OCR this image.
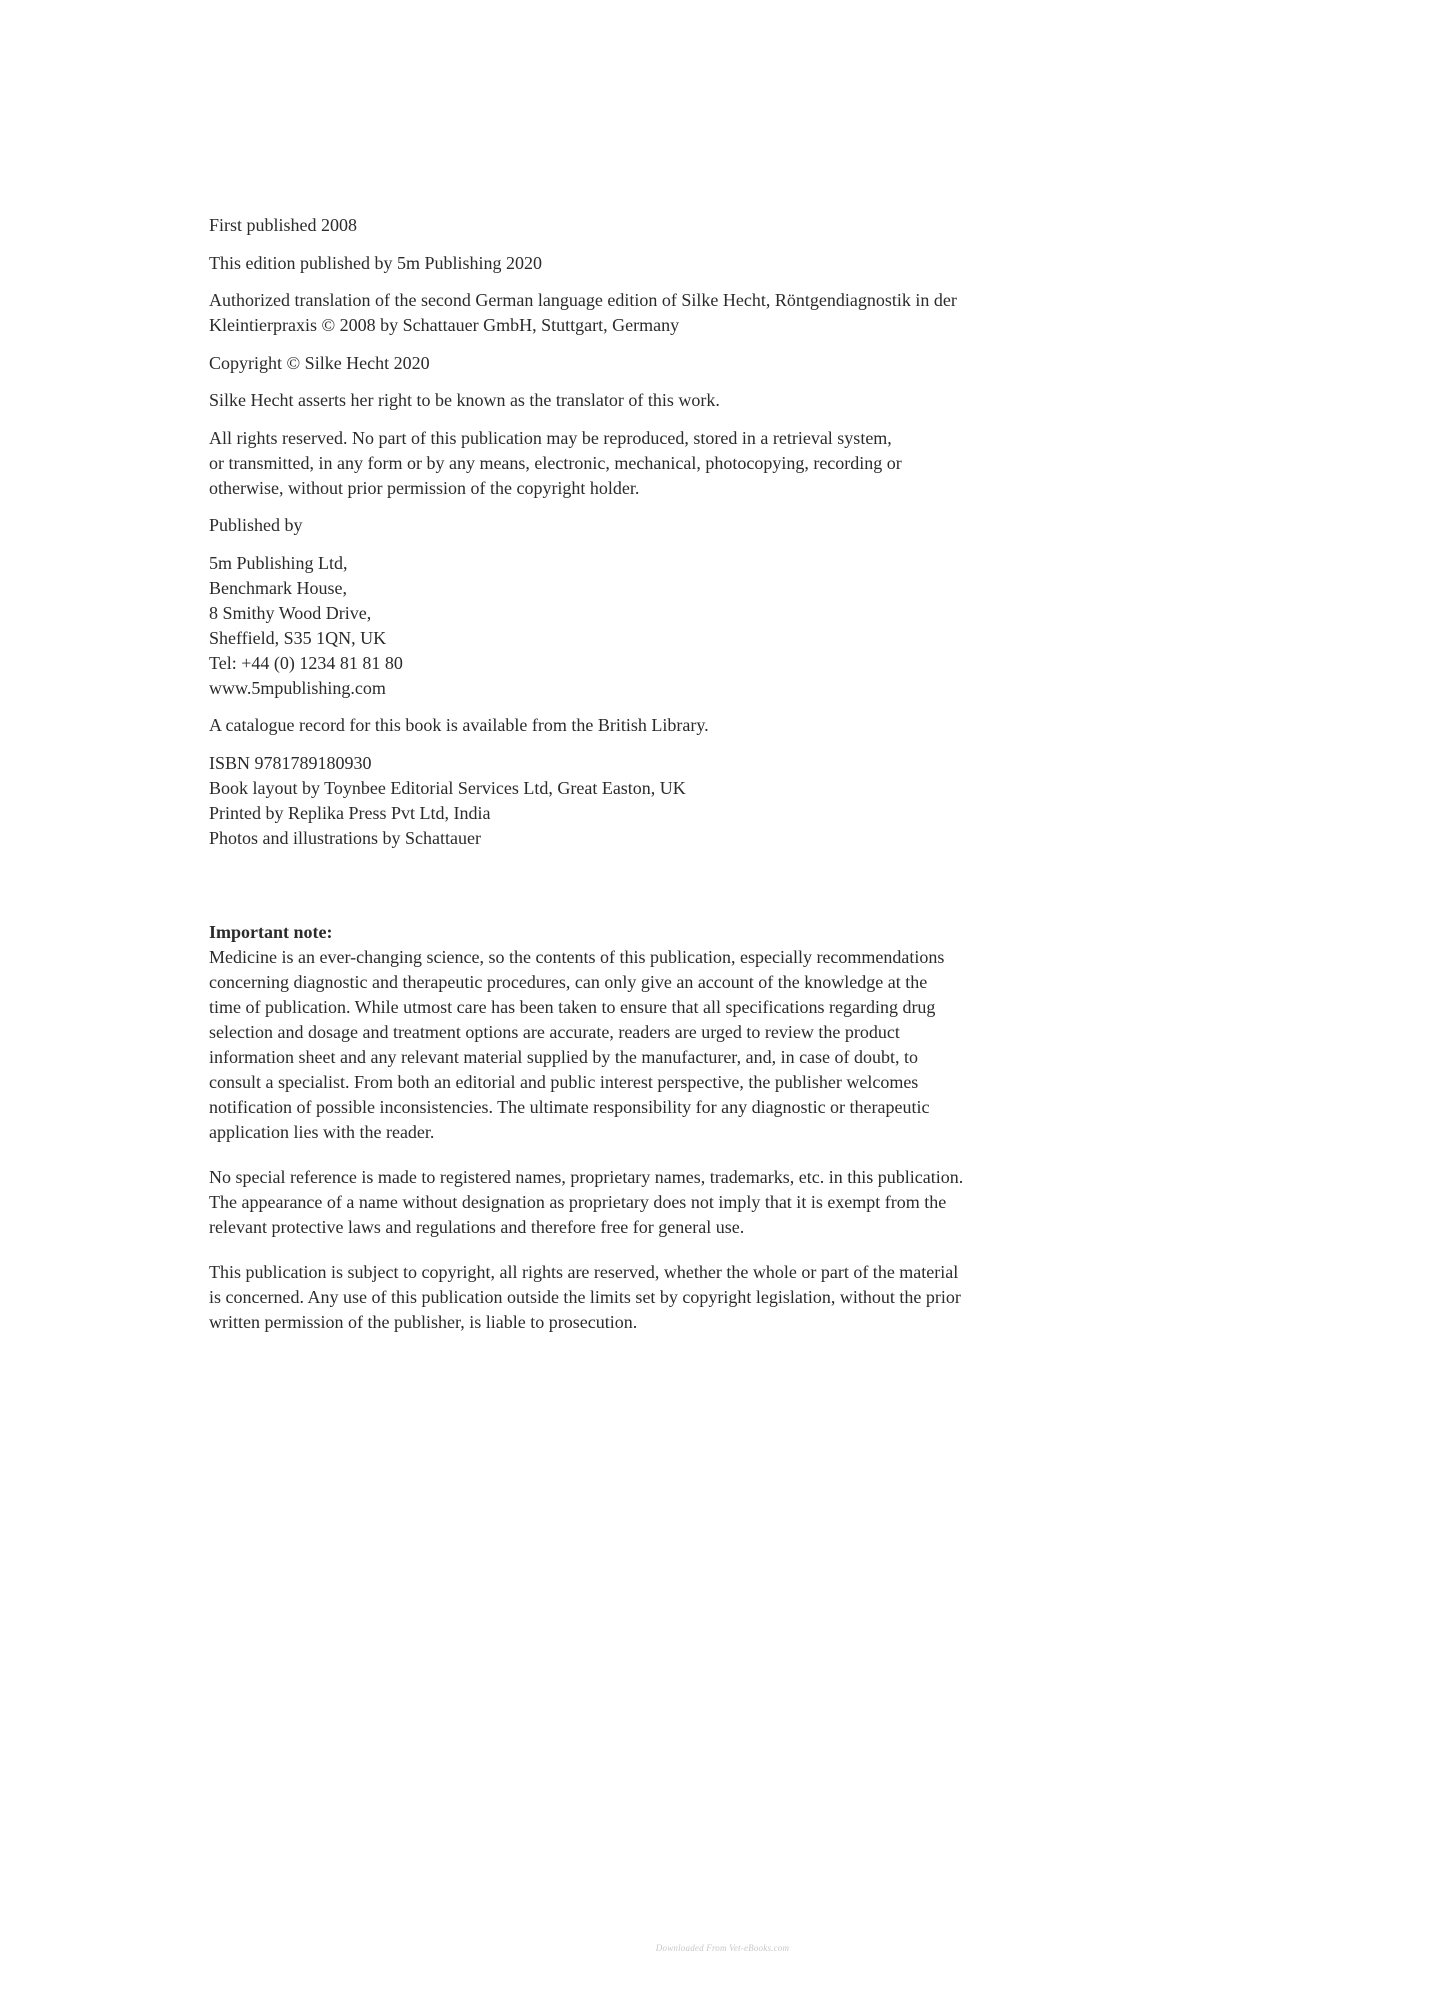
First published 2008

This edition published by 5m Publishing 2020

Authorized translation of the second German language edition of Silke Hecht, Röntgendiagnostik in der
Kleintierpraxis © 2008 by Schattauer GmbH, Stuttgart, Germany

Copyright © Silke Hecht 2020

Silke Hecht asserts her right to be known as the translator of this work.

All rights reserved. No part of this publication may be reproduced, stored in a retrieval system,
or transmitted, in any form or by any means, electronic, mechanical, photocopying, recording or
otherwise, without prior permission of the copyright holder.

Published by

5m Publishing Ltd,
Benchmark House,
8 Smithy Wood Drive,
Sheffield, S35 1QN, UK
Tel: +44 (0) 1234 81 81 80
www.5mpublishing.com

A catalogue record for this book is available from the British Library.

ISBN 9781789180930
Book layout by Toynbee Editorial Services Ltd, Great Easton, UK
Printed by Replika Press Pvt Ltd, India
Photos and illustrations by Schattauer

Important note:
Medicine is an ever-changing science, so the contents of this publication, especially recommendations
concerning diagnostic and therapeutic procedures, can only give an account of the knowledge at the
time of publication. While utmost care has been taken to ensure that all specifications regarding drug
selection and dosage and treatment options are accurate, readers are urged to review the product
information sheet and any relevant material supplied by the manufacturer, and, in case of doubt, to
consult a specialist. From both an editorial and public interest perspective, the publisher welcomes
notification of possible inconsistencies. The ultimate responsibility for any diagnostic or therapeutic
application lies with the reader.

No special reference is made to registered names, proprietary names, trademarks, etc. in this publication.
The appearance of a name without designation as proprietary does not imply that it is exempt from the
relevant protective laws and regulations and therefore free for general use.

This publication is subject to copyright, all rights are reserved, whether the whole or part of the material
is concerned. Any use of this publication outside the limits set by copyright legislation, without the prior
written permission of the publisher, is liable to prosecution.

Downloaded From Vet-eBooks.com
